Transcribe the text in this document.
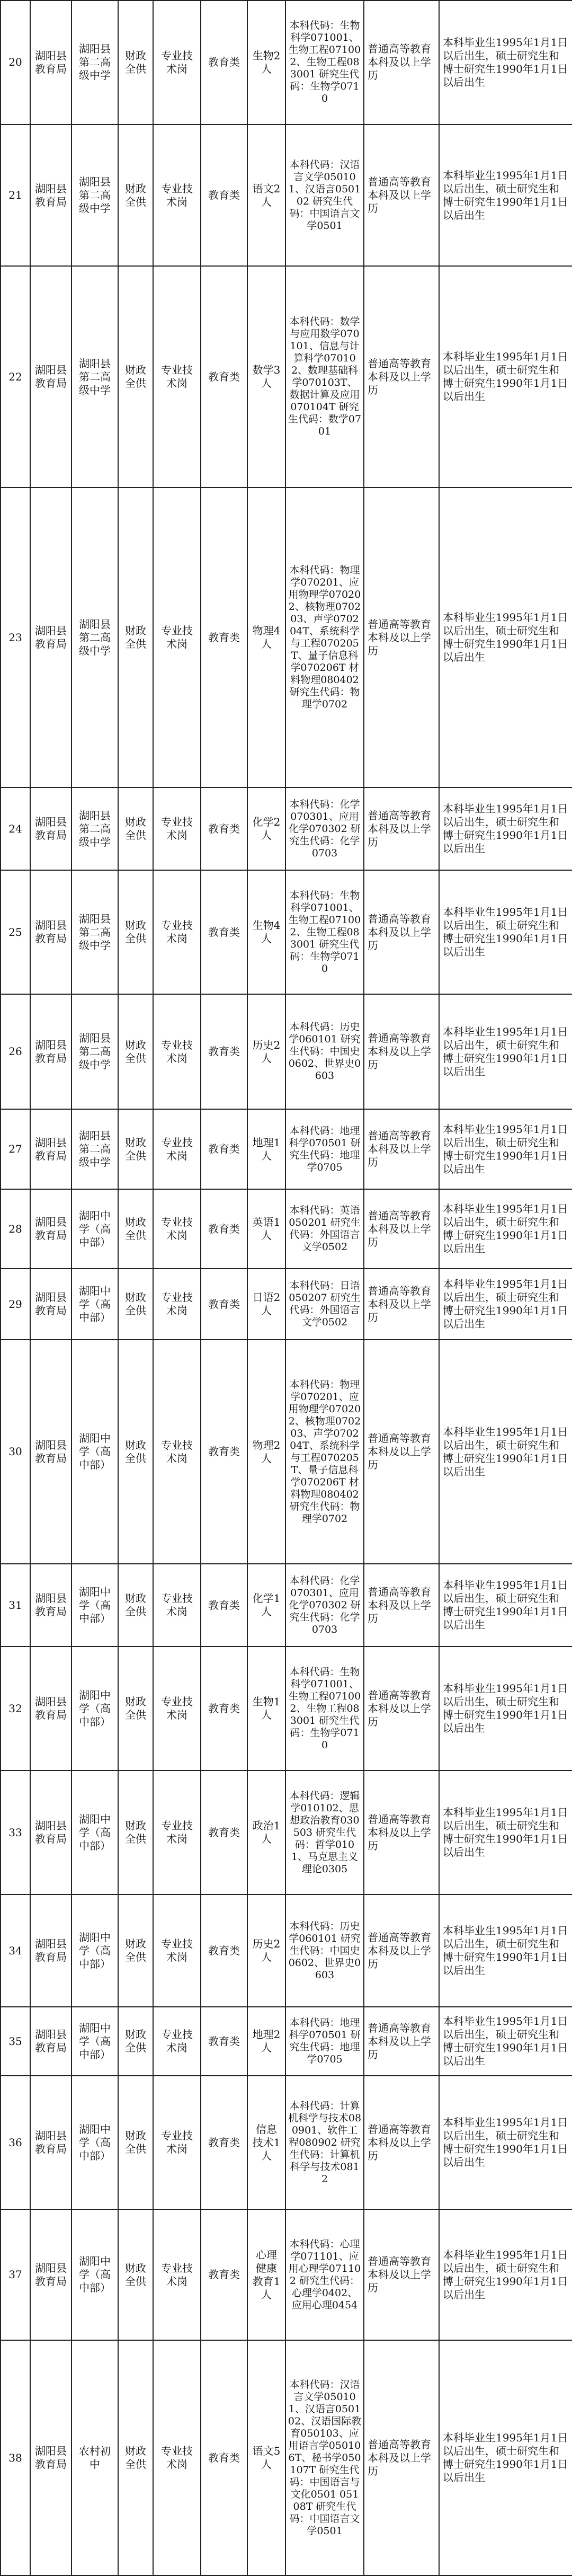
20	湖阳县教育局	湖阳县第二高级中学	财政全供	专业技术岗	教育类	生物2人	本科代码：生物科学071001、生物工程071002、生物工程083001 研究生代码：生物学0710	普通高等教育本科及以上学历	本科毕业生1995年1月1日以后出生，硕士研究生和博士研究生1990年1月1日以后出生
21	湖阳县教育局	湖阳县第二高级中学	财政全供	专业技术岗	教育类	语文2人	本科代码：汉语言文学050101、汉语言050102 研究生代码：中国语言文学0501	普通高等教育本科及以上学历	本科毕业生1995年1月1日以后出生，硕士研究生和博士研究生1990年1月1日以后出生
22	湖阳县教育局	湖阳县第二高级中学	财政全供	专业技术岗	教育类	数学3人	本科代码：数学与应用数学070101、信息与计算科学070102、数理基础科学070103T、数据计算及应用070104T 研究生代码：数学0701	普通高等教育本科及以上学历	本科毕业生1995年1月1日以后出生，硕士研究生和博士研究生1990年1月1日以后出生
23	湖阳县教育局	湖阳县第二高级中学	财政全供	专业技术岗	教育类	物理4人	本科代码：物理学070201、应用物理学070202、核物理070203、声学070204T、系统科学与工程070205T、量子信息科学070206T 材料物理080402 研究生代码：物理学0702	普通高等教育本科及以上学历	本科毕业生1995年1月1日以后出生，硕士研究生和博士研究生1990年1月1日以后出生
24	湖阳县教育局	湖阳县第二高级中学	财政全供	专业技术岗	教育类	化学2人	本科代码：化学070301、应用化学070302 研究生代码：化学0703	普通高等教育本科及以上学历	本科毕业生1995年1月1日以后出生，硕士研究生和博士研究生1990年1月1日以后出生
25	湖阳县教育局	湖阳县第二高级中学	财政全供	专业技术岗	教育类	生物4人	本科代码：生物科学071001、生物工程071002、生物工程083001 研究生代码：生物学0710	普通高等教育本科及以上学历	本科毕业生1995年1月1日以后出生，硕士研究生和博士研究生1990年1月1日以后出生
26	湖阳县教育局	湖阳县第二高级中学	财政全供	专业技术岗	教育类	历史2人	本科代码：历史学060101 研究生代码：中国史0602、世界史0603	普通高等教育本科及以上学历	本科毕业生1995年1月1日以后出生，硕士研究生和博士研究生1990年1月1日以后出生
27	湖阳县教育局	湖阳县第二高级中学	财政全供	专业技术岗	教育类	地理1人	本科代码：地理科学070501 研究生代码：地理学0705	普通高等教育本科及以上学历	本科毕业生1995年1月1日以后出生，硕士研究生和博士研究生1990年1月1日以后出生
28	湖阳县教育局	湖阳中学（高中部）	财政全供	专业技术岗	教育类	英语1人	本科代码：英语050201 研究生代码：外国语言文学0502	普通高等教育本科及以上学历	本科毕业生1995年1月1日以后出生，硕士研究生和博士研究生1990年1月1日以后出生
29	湖阳县教育局	湖阳中学（高中部）	财政全供	专业技术岗	教育类	日语2人	本科代码：日语050207 研究生代码：外国语言文学0502	普通高等教育本科及以上学历	本科毕业生1995年1月1日以后出生，硕士研究生和博士研究生1990年1月1日以后出生
30	湖阳县教育局	湖阳中学（高中部）	财政全供	专业技术岗	教育类	物理2人	本科代码：物理学070201、应用物理学070202、核物理070203、声学070204T、系统科学与工程070205T、量子信息科学070206T 材料物理080402 研究生代码：物理学0702	普通高等教育本科及以上学历	本科毕业生1995年1月1日以后出生，硕士研究生和博士研究生1990年1月1日以后出生
31	湖阳县教育局	湖阳中学（高中部）	财政全供	专业技术岗	教育类	化学1人	本科代码：化学070301、应用化学070302 研究生代码：化学0703	普通高等教育本科及以上学历	本科毕业生1995年1月1日以后出生，硕士研究生和博士研究生1990年1月1日以后出生
32	湖阳县教育局	湖阳中学（高中部）	财政全供	专业技术岗	教育类	生物1人	本科代码：生物科学071001、生物工程071002、生物工程083001 研究生代码：生物学0710	普通高等教育本科及以上学历	本科毕业生1995年1月1日以后出生，硕士研究生和博士研究生1990年1月1日以后出生
33	湖阳县教育局	湖阳中学（高中部）	财政全供	专业技术岗	教育类	政治1人	本科代码：逻辑学010102、思想政治教育030503 研究生代码：哲学0101、马克思主义理论0305	普通高等教育本科及以上学历	本科毕业生1995年1月1日以后出生，硕士研究生和博士研究生1990年1月1日以后出生
34	湖阳县教育局	湖阳中学（高中部）	财政全供	专业技术岗	教育类	历史2人	本科代码：历史学060101 研究生代码：中国史0602、世界史0603	普通高等教育本科及以上学历	本科毕业生1995年1月1日以后出生，硕士研究生和博士研究生1990年1月1日以后出生
35	湖阳县教育局	湖阳中学（高中部）	财政全供	专业技术岗	教育类	地理2人	本科代码：地理科学070501 研究生代码：地理学0705	普通高等教育本科及以上学历	本科毕业生1995年1月1日以后出生，硕士研究生和博士研究生1990年1月1日以后出生
36	湖阳县教育局	湖阳中学（高中部）	财政全供	专业技术岗	教育类	信息技术1人	本科代码：计算机科学与技术080901、软件工程080902 研究生代码：计算机科学与技术0812	普通高等教育本科及以上学历	本科毕业生1995年1月1日以后出生，硕士研究生和博士研究生1990年1月1日以后出生
37	湖阳县教育局	湖阳中学（高中部）	财政全供	专业技术岗	教育类	心理健康教育1人	本科代码：心理学071101、应用心理学071102 研究生代码：心理学0402、应用心理0454	普通高等教育本科及以上学历	本科毕业生1995年1月1日以后出生，硕士研究生和博士研究生1990年1月1日以后出生
38	湖阳县教育局	农村初中	财政全供	专业技术岗	教育类	语文5人	本科代码：汉语言文学050101、汉语言050102、汉语国际教育050103、应用语言学050106T、秘书学050107T 研究生代码：中国语言与文化0501 05108T 研究生代码：中国语言文学0501	普通高等教育本科及以上学历	本科毕业生1995年1月1日以后出生，硕士研究生和博士研究生1990年1月1日以后出生
